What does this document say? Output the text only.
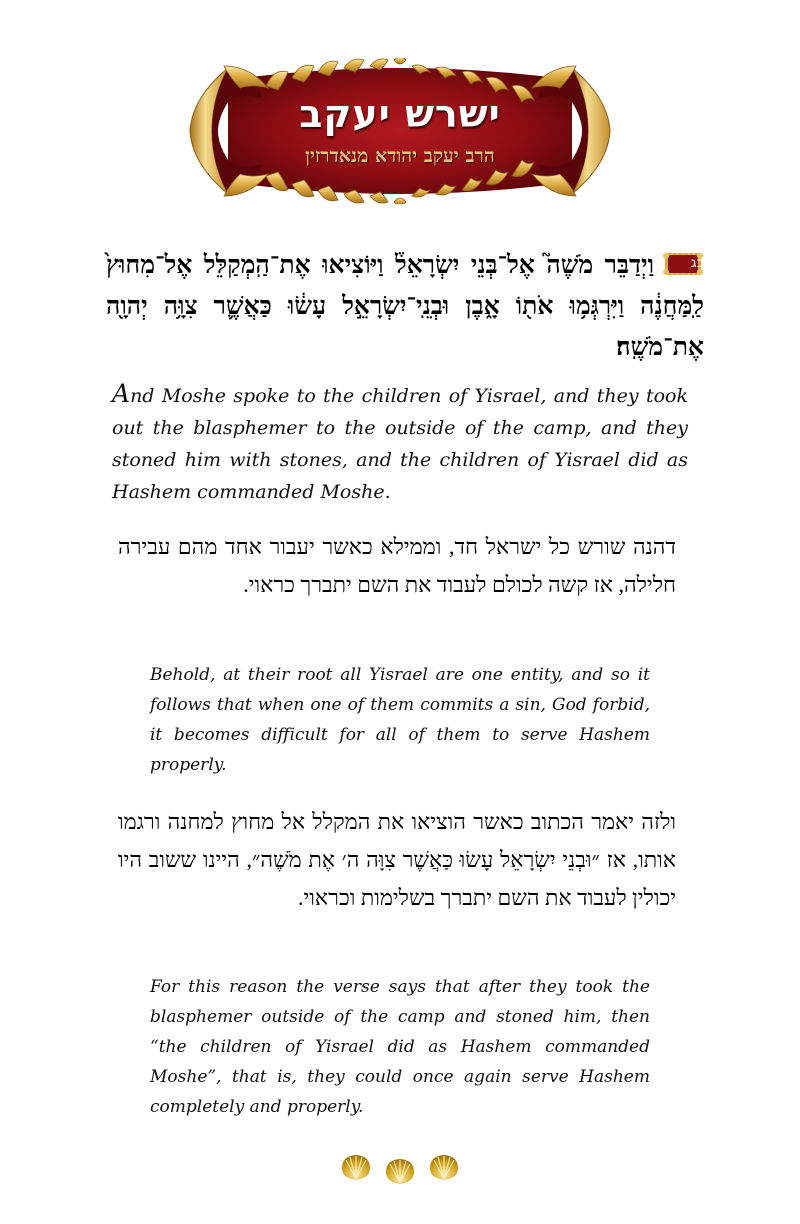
ישרש יעקב
הרב יעקב יהודא מנאדרזין
כג
וַיְדַבֵּר מֹשֶׁה֮ אֶל־בְּנֵי יִשְׂרָאֵל֒ וַיּוֹצִיאוּ אֶת־הַֽמְקַלֵּל אֶל־מִחוּץ֙ לַֽמַּחֲנֶ֔ה וַיִּרְגְּמ֥וּ אֹת֖וֹ אָ֑בֶן וּבְנֵֽי־יִשְׂרָאֵ֣ל עָשׂ֔וּ כַּאֲשֶׁ֛ר צִוָּ֥ה יְהוָ֖ה אֶת־מֹשֶֽׁה׃
And Moshe spoke to the children of Yisrael, and they took out the blasphemer to the outside of the camp, and they stoned him with stones, and the children of Yisrael did as Hashem commanded Moshe.
דהנה שורש כל ישראל חד, וממילא כאשר יעבור אחד מהם עבירה חלילה, אז קשה לכולם לעבוד את השם יתברך כראוי.
Behold, at their root all Yisrael are one entity, and so it follows that when one of them commits a sin, God forbid, it becomes difficult for all of them to serve Hashem properly.
ולזה יאמר הכתוב כאשר הוציאו את המקלל אל מחוץ למחנה ורגמו אותו, אז ״וּבְנֵי יִשְׂרָאֵל עָשׂוּ כַּאֲשֶׁר צִוָּה ה׳ אֶת מֹשֶׁה״, היינו ששוב היו יכולין לעבוד את השם יתברך בשלימות וכראוי.
For this reason the verse says that after they took the blasphemer outside of the camp and stoned him, then “the children of Yisrael did as Hashem commanded Moshe”, that is, they could once again serve Hashem completely and properly.
